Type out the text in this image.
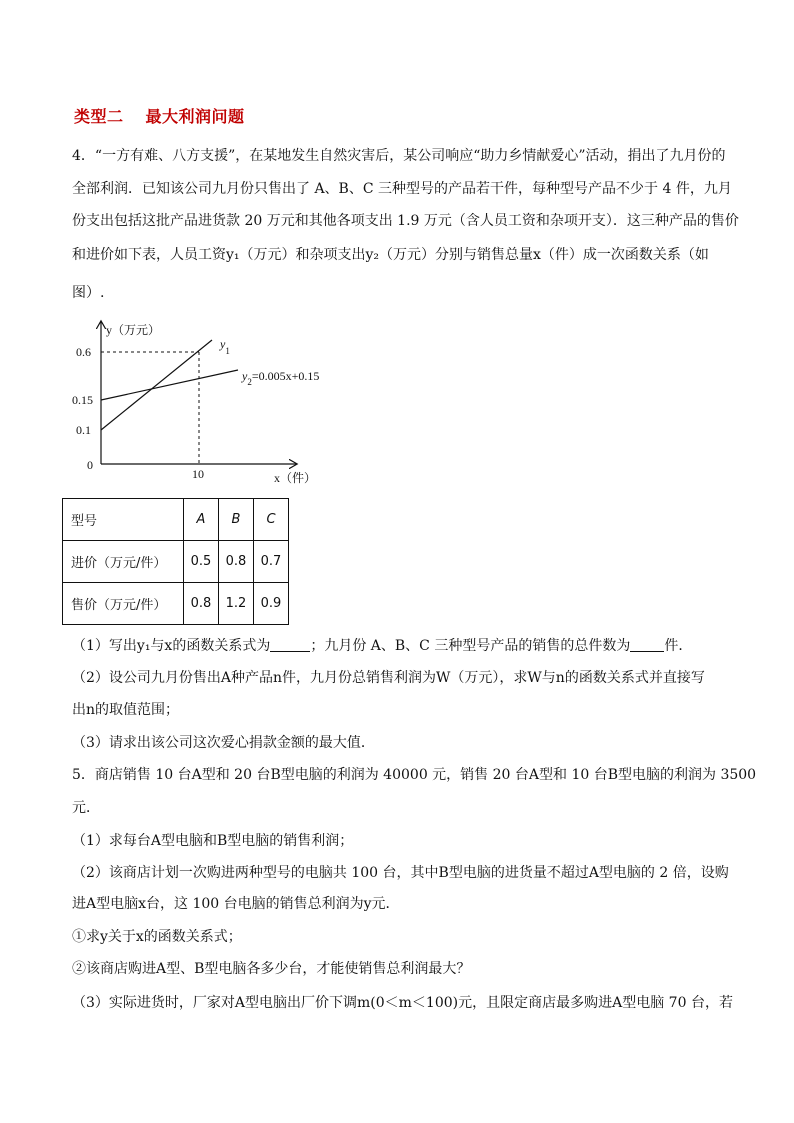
类型二 最大利润问题
4．“一方有难、八方支援”，在某地发生自然灾害后，某公司响应“助力乡情献爱心”活动，捐出了九月份的
全部利润．已知该公司九月份只售出了 A、B、C 三种型号的产品若干件，每种型号产品不少于 4 件，九月
份支出包括这批产品进货款 20 万元和其他各项支出 1.9 万元（含人员工资和杂项开支）．这三种产品的售价
和进价如下表，人员工资y₁（万元）和杂项支出y₂（万元）分别与销售总量x（件）成一次函数关系（如
图）.
y（万元）
x（件）
0
0.6
0.15
0.1
10
$y_1$
$y_2=0.005x+0.15$
型号	A	B	C
进价（万元/件）	0.5	0.8	0.7
售价（万元/件）	0.8	1.2	0.9
（1）写出y₁与x的函数关系式为	；九月份 A、B、C 三种型号产品的销售的总件数为 件．
（2）设公司九月份售出A种产品n件，九月份总销售利润为W（万元），求W与n的函数关系式并直接写
出n的取值范围；
（3）请求出该公司这次爱心捐款金额的最大值．
5．商店销售 10 台A型和 20 台B型电脑的利润为 40000 元，销售 20 台A型和 10 台B型电脑的利润为 3500
元．
（1）求每台A型电脑和B型电脑的销售利润；
（2）该商店计划一次购进两种型号的电脑共 100 台，其中B型电脑的进货量不超过A型电脑的 2 倍，设购
进A型电脑x台，这 100 台电脑的销售总利润为y元．
①求y关于x的函数关系式；
②该商店购进A型、B型电脑各多少台，才能使销售总利润最大？
（3）实际进货时，厂家对A型电脑出厂价下调m(0＜m＜100)元，且限定商店最多购进A型电脑 70 台，若
